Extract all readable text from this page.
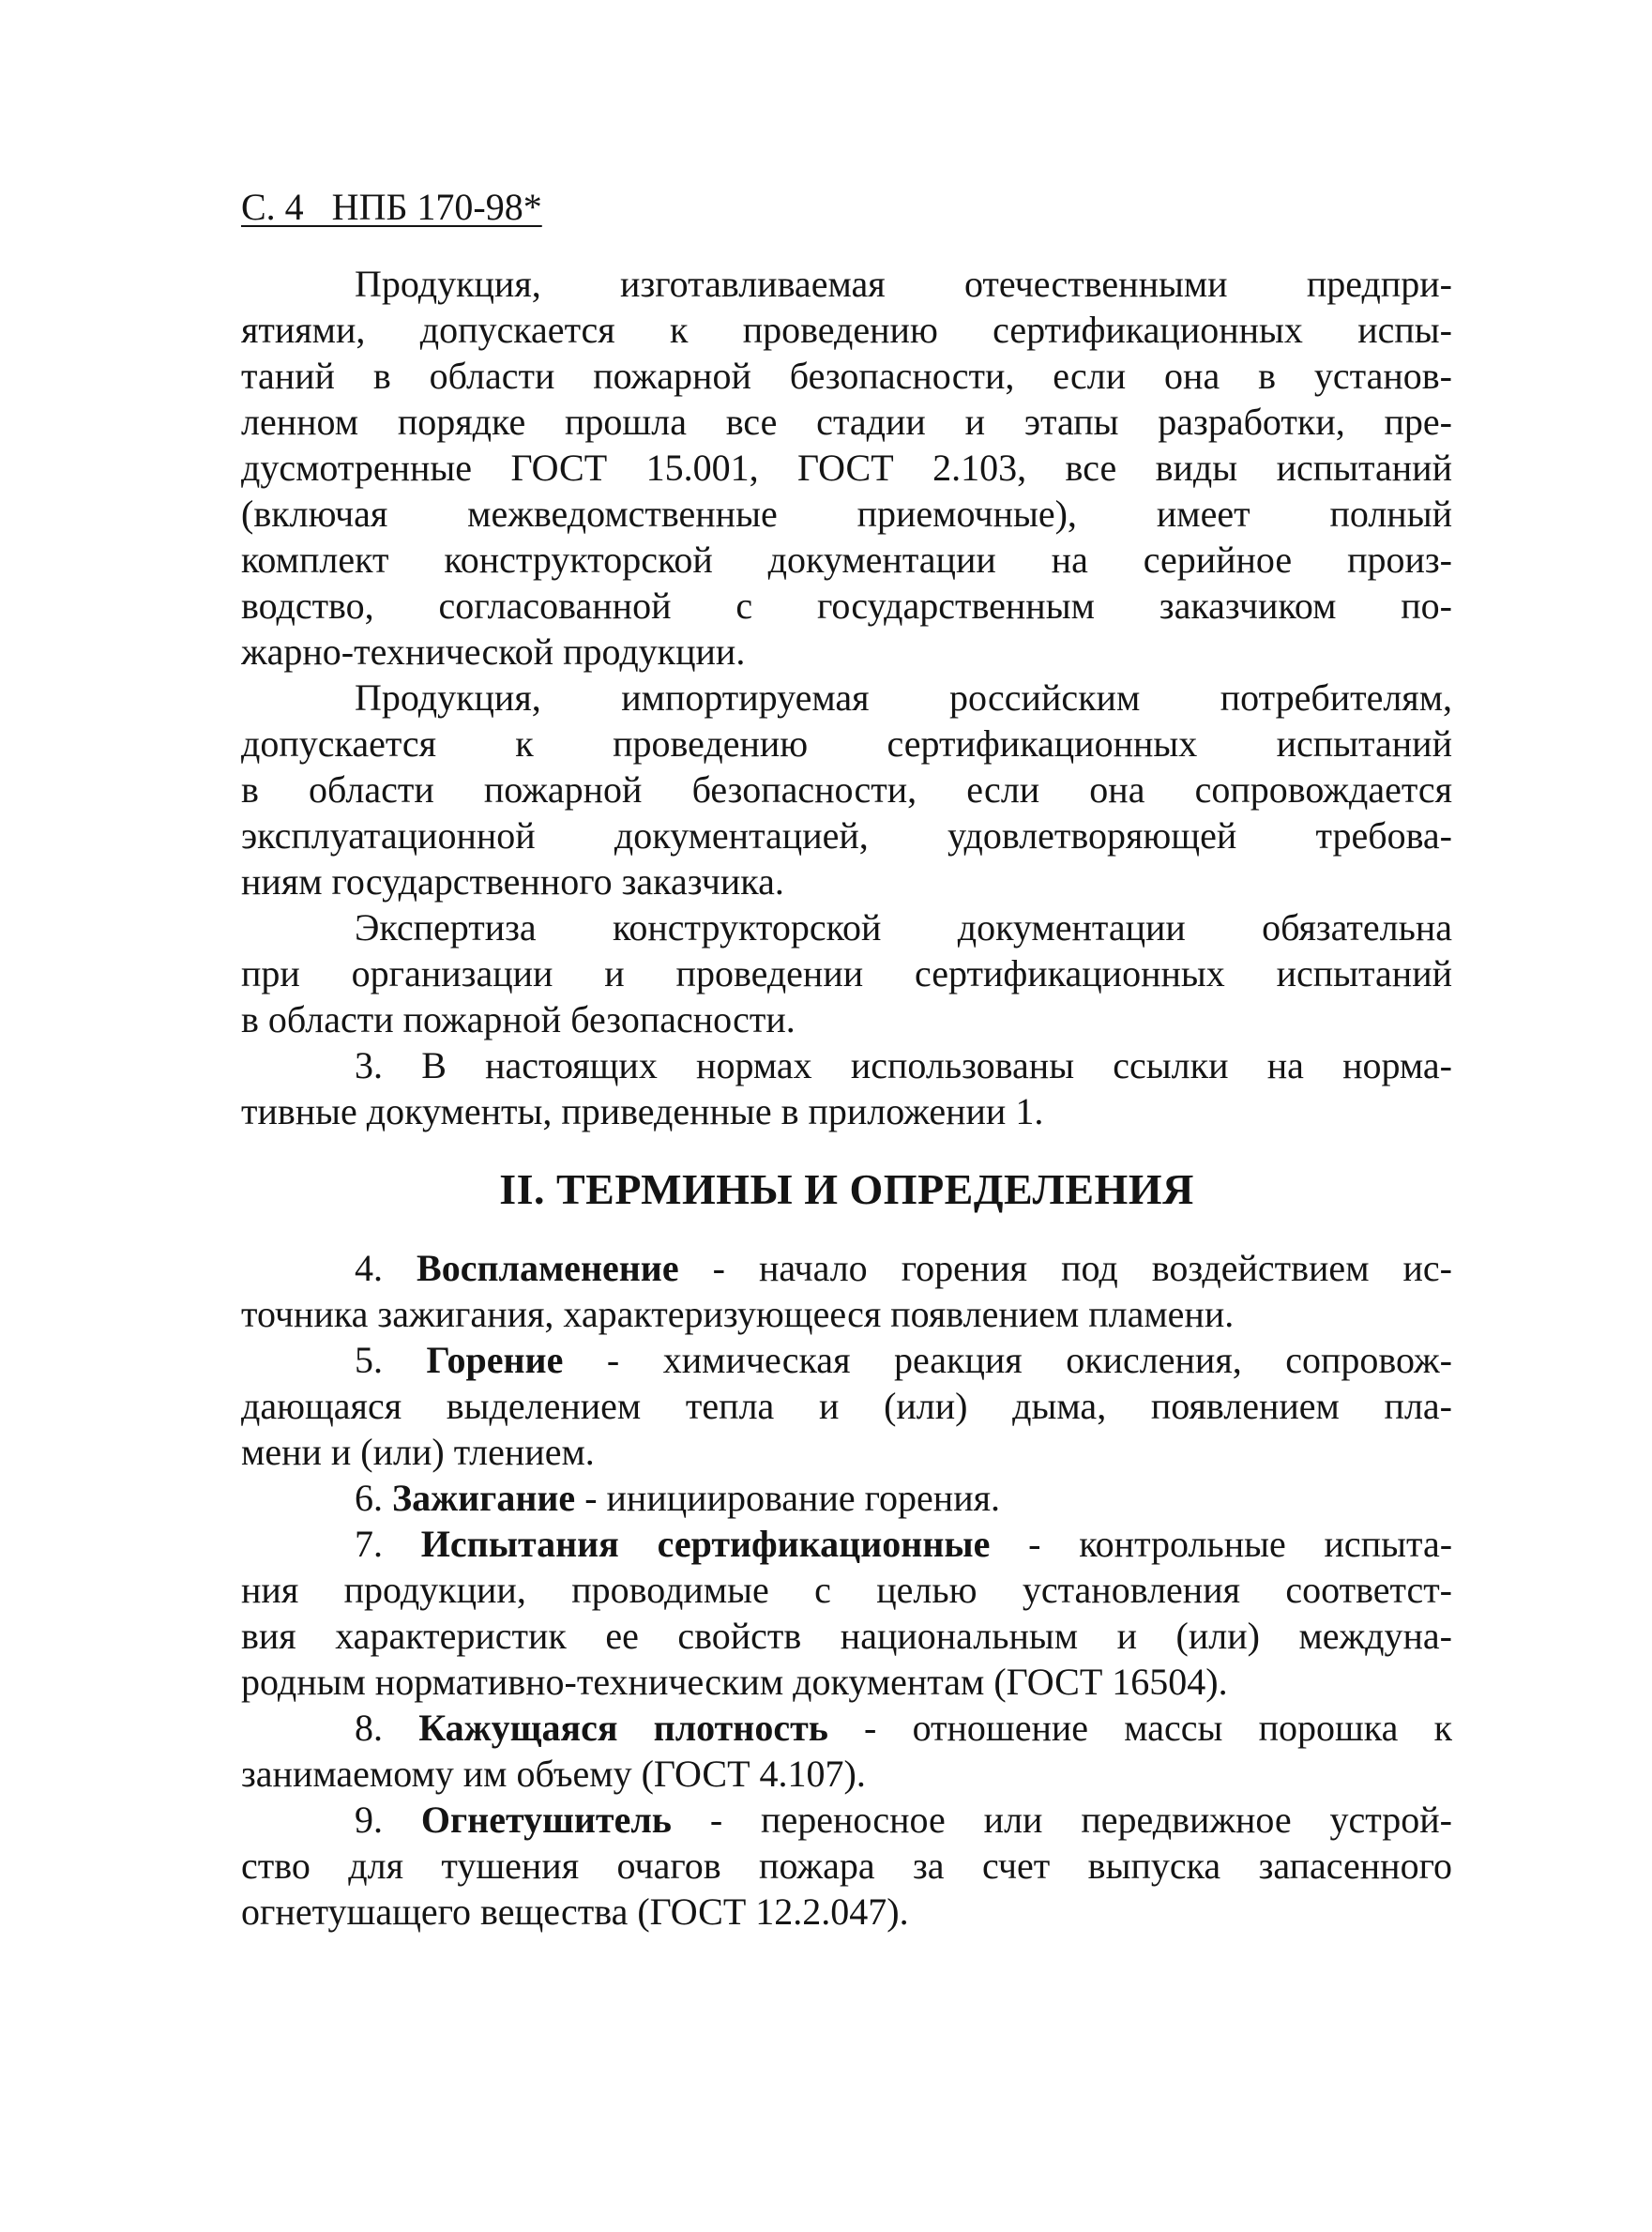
С. 4   НПБ 170-98*
Продукция, изготавливаемая отечественными предпри-
ятиями, допускается к проведению сертификационных испы-
таний в области пожарной безопасности, если она в установ-
ленном порядке прошла все стадии и этапы разработки, пре-
дусмотренные ГОСТ 15.001, ГОСТ 2.103, все виды испытаний
(включая межведомственные приемочные), имеет полный
комплект конструкторской документации на серийное произ-
водство, согласованной с государственным заказчиком по-
жарно-технической продукции.
Продукция, импортируемая российским потребителям,
допускается к проведению сертификационных испытаний
в области пожарной безопасности, если она сопровождается
эксплуатационной документацией, удовлетворяющей требова-
ниям государственного заказчика.
Экспертиза конструкторской документации обязательна
при организации и проведении сертификационных испытаний
в области пожарной безопасности.
3. В настоящих нормах использованы ссылки на норма-
тивные документы, приведенные в приложении 1.
II. ТЕРМИНЫ И ОПРЕДЕЛЕНИЯ
4. Воспламенение - начало горения под воздействием ис-
точника зажигания, характеризующееся появлением пламени.
5. Горение - химическая реакция окисления, сопровож-
дающаяся выделением тепла и (или) дыма, появлением пла-
мени и (или) тлением.
6. Зажигание - инициирование горения.
7. Испытания сертификационные - контрольные испыта-
ния продукции, проводимые с целью установления соответст-
вия характеристик ее свойств национальным и (или) междуна-
родным нормативно-техническим документам (ГОСТ 16504).
8. Кажущаяся плотность - отношение массы порошка к
занимаемому им объему (ГОСТ 4.107).
9. Огнетушитель - переносное или передвижное устрой-
ство для тушения очагов пожара за счет выпуска запасенного
огнетушащего вещества (ГОСТ 12.2.047).
